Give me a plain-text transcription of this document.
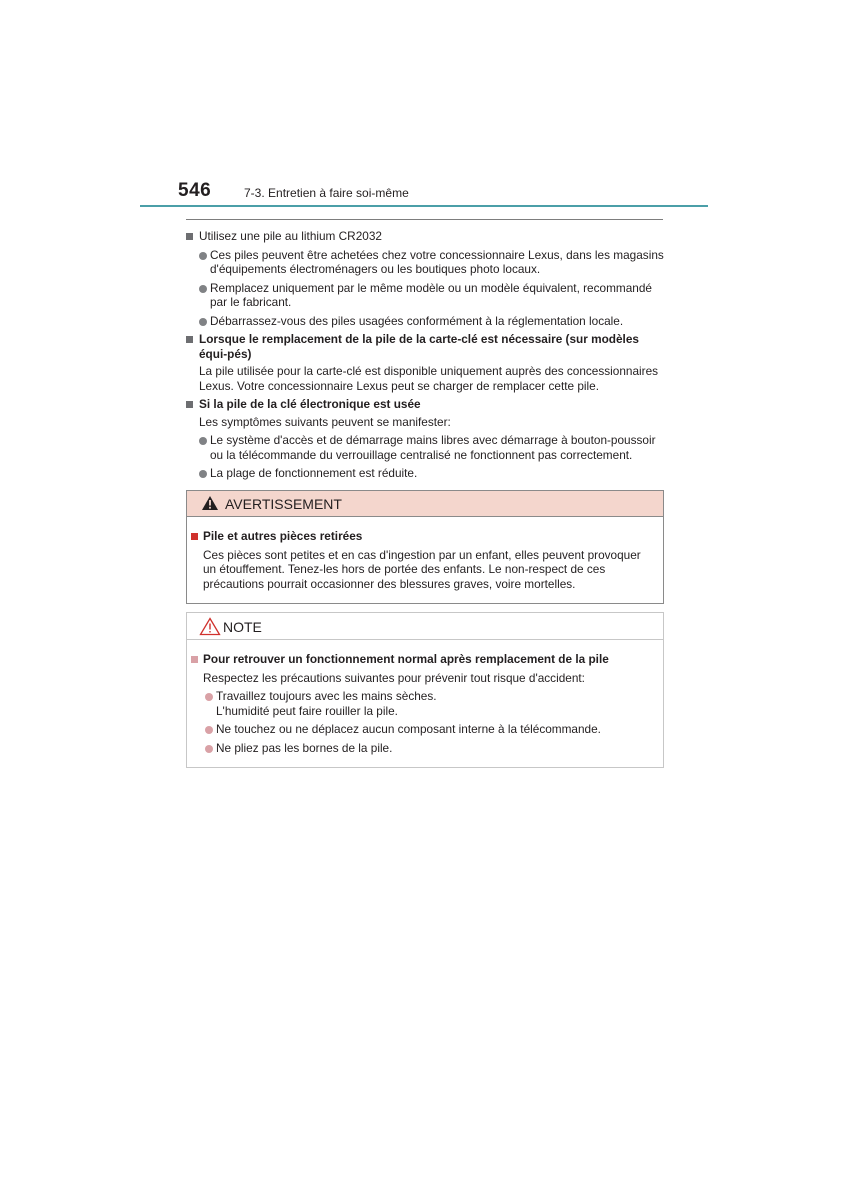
546	7-3. Entretien à faire soi-même
Utilisez une pile au lithium CR2032
Ces piles peuvent être achetées chez votre concessionnaire Lexus, dans les magasins d'équipements électroménagers ou les boutiques photo locaux.
Remplacez uniquement par le même modèle ou un modèle équivalent, recommandé par le fabricant.
Débarrassez-vous des piles usagées conformément à la réglementation locale.
Lorsque le remplacement de la pile de la carte-clé est nécessaire (sur modèles équi-pés)
La pile utilisée pour la carte-clé est disponible uniquement auprès des concessionnaires Lexus. Votre concessionnaire Lexus peut se charger de remplacer cette pile.
Si la pile de la clé électronique est usée
Les symptômes suivants peuvent se manifester:
Le système d'accès et de démarrage mains libres avec démarrage à bouton-poussoir ou la télécommande du verrouillage centralisé ne fonctionnent pas correctement.
La plage de fonctionnement est réduite.
AVERTISSEMENT
Pile et autres pièces retirées
Ces pièces sont petites et en cas d'ingestion par un enfant, elles peuvent provoquer un étouffement. Tenez-les hors de portée des enfants. Le non-respect de ces précautions pourrait occasionner des blessures graves, voire mortelles.
NOTE
Pour retrouver un fonctionnement normal après remplacement de la pile
Respectez les précautions suivantes pour prévenir tout risque d'accident:
Travaillez toujours avec les mains sèches.
L'humidité peut faire rouiller la pile.
Ne touchez ou ne déplacez aucun composant interne à la télécommande.
Ne pliez pas les bornes de la pile.
